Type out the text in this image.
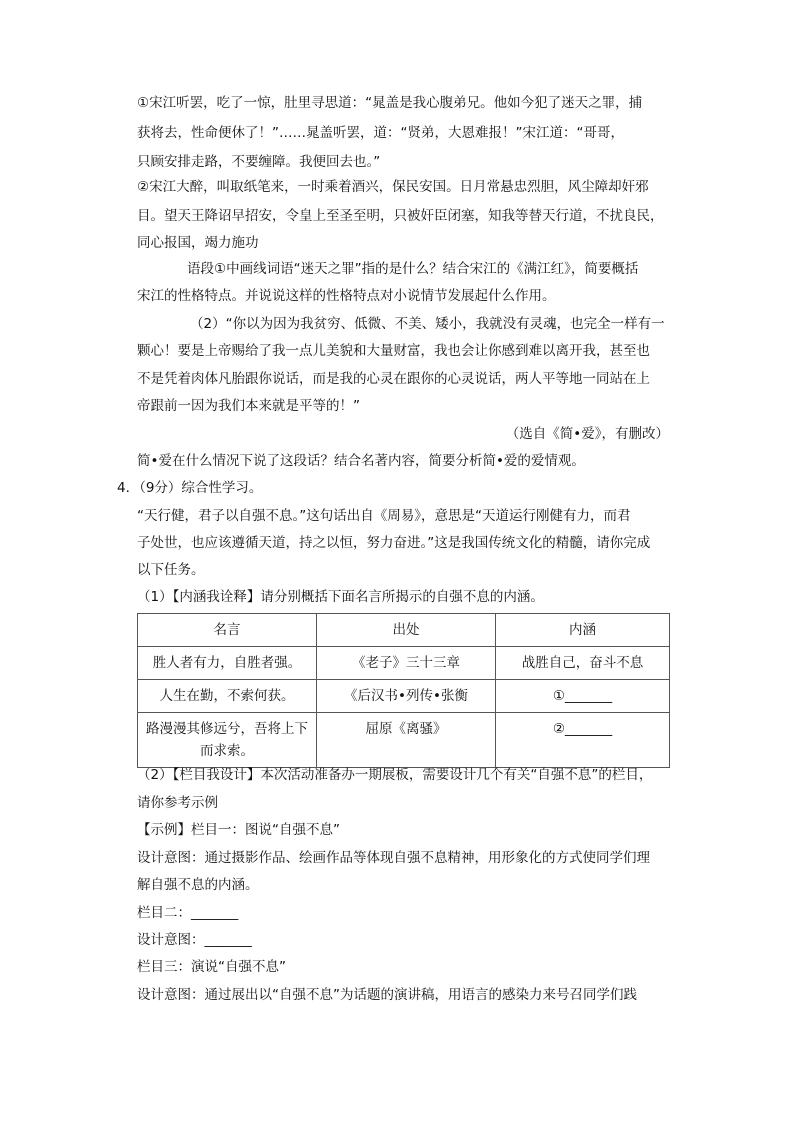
①宋江听罢，吃了一惊，肚里寻思道：“晁盖是我心腹弟兄。他如今犯了迷天之罪，捕
获将去，性命便休了！”……晁盖听罢，道：“贤弟，大恩难报！”宋江道：“哥哥，
只顾安排走路，不要缠障。我便回去也。”
②宋江大醉，叫取纸笔来，一时乘着酒兴，保民安国。日月常悬忠烈胆，风尘障却奸邪
目。望天王降诏早招安，令皇上至圣至明，只被奸臣闭塞，知我等替天行道，不扰良民，
同心报国，竭力施功
语段①中画线词语“迷天之罪”指的是什么？结合宋江的《满江红》，简要概括
宋江的性格特点。并说说这样的性格特点对小说情节发展起什么作用。
（2）“你以为因为我贫穷、低微、不美、矮小，我就没有灵魂，也完全一样有一
颗心！要是上帝赐给了我一点儿美貌和大量财富，我也会让你感到难以离开我，甚至也
不是凭着肉体凡胎跟你说话，而是我的心灵在跟你的心灵说话，两人平等地一同站在上
帝跟前一因为我们本来就是平等的！”
（选自《简•爱》，有删改）
简•爱在什么情况下说了这段话？结合名著内容，简要分析简•爱的爱情观。
4．（9分）综合性学习。
“天行健，君子以自强不息。”这句话出自《周易》，意思是“天道运行刚健有力，而君
子处世，也应该遵循天道，持之以恒，努力奋进。”这是我国传统文化的精髓，请你完成
以下任务。
（1）【内涵我诠释】请分别概括下面名言所揭示的自强不息的内涵。
名言	出处	内涵
胜人者有力，自胜者强。	《老子》三十三章	战胜自己，奋斗不息
人生在勤，不索何获。	《后汉书•列传•张衡	①_______

路漫漫其修远兮，吾将上下
而求索。	屈原《离骚》	②_______
（2）【栏目我设计】本次活动准备办一期展板，需要设计几个有关“自强不息”的栏目，
请你参考示例
【示例】栏目一：图说“自强不息”
设计意图：通过摄影作品、绘画作品等体现自强不息精神，用形象化的方式使同学们理
解自强不息的内涵。
栏目二：_______
设计意图：_______
栏目三：演说“自强不息”
设计意图：通过展出以“自强不息”为话题的演讲稿，用语言的感染力来号召同学们践
